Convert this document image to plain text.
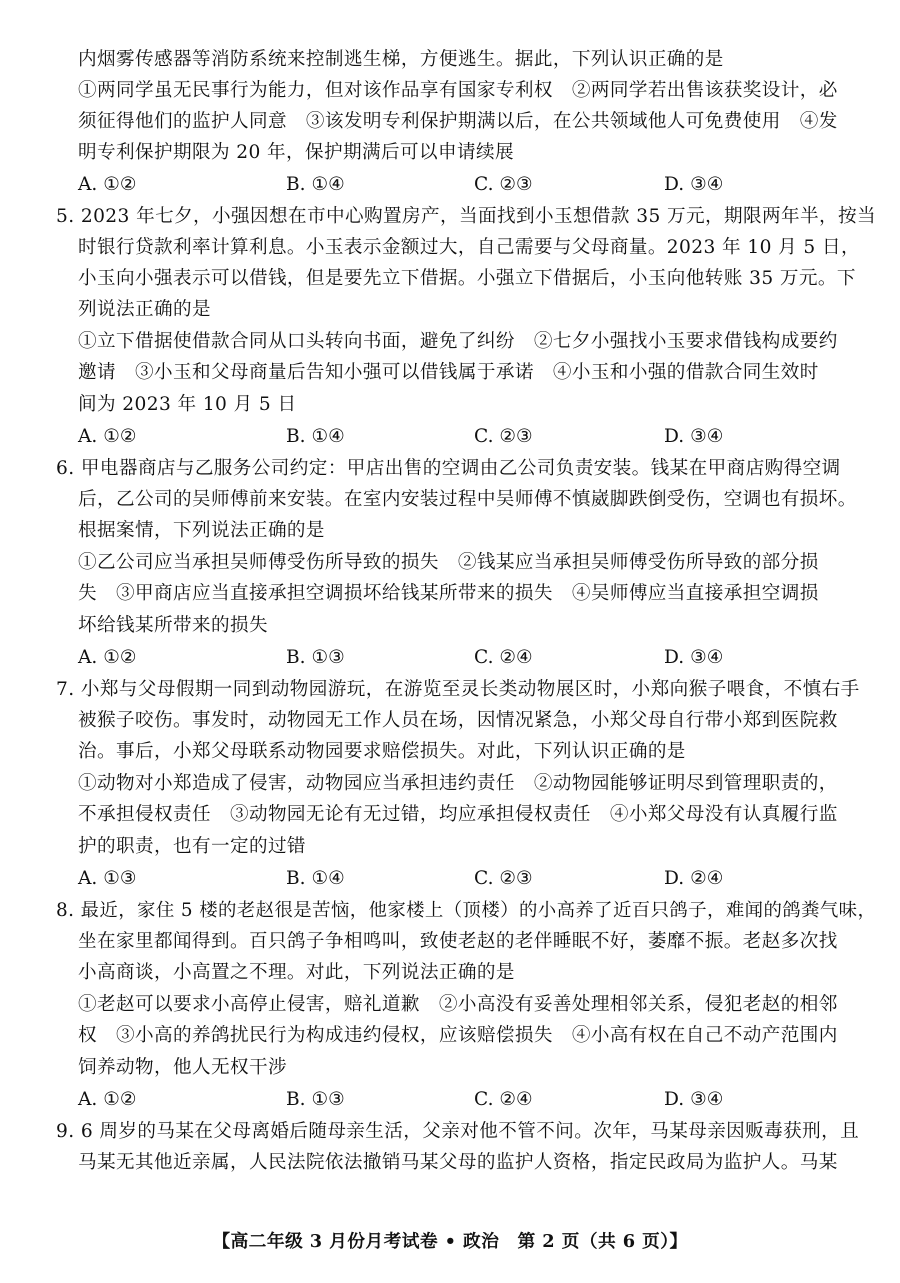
内烟雾传感器等消防系统来控制逃生梯，方便逃生。据此，下列认识正确的是
①两同学虽无民事行为能力，但对该作品享有国家专利权　②两同学若出售该获奖设计，必
须征得他们的监护人同意　③该发明专利保护期满以后，在公共领域他人可免费使用　④发
明专利保护期限为 20 年，保护期满后可以申请续展
A. ①②	B. ①④	C. ②③	D. ③④
5. 2023 年七夕，小强因想在市中心购置房产，当面找到小玉想借款 35 万元，期限两年半，按当
时银行贷款利率计算利息。小玉表示金额过大，自己需要与父母商量。2023 年 10 月 5 日，
小玉向小强表示可以借钱，但是要先立下借据。小强立下借据后，小玉向他转账 35 万元。下
列说法正确的是
①立下借据使借款合同从口头转向书面，避免了纠纷　②七夕小强找小玉要求借钱构成要约
邀请　③小玉和父母商量后告知小强可以借钱属于承诺　④小玉和小强的借款合同生效时
间为 2023 年 10 月 5 日
A. ①②	B. ①④	C. ②③	D. ③④
6. 甲电器商店与乙服务公司约定：甲店出售的空调由乙公司负责安装。钱某在甲商店购得空调
后，乙公司的吴师傅前来安装。在室内安装过程中吴师傅不慎崴脚跌倒受伤，空调也有损坏。
根据案情，下列说法正确的是
①乙公司应当承担吴师傅受伤所导致的损失　②钱某应当承担吴师傅受伤所导致的部分损
失　③甲商店应当直接承担空调损坏给钱某所带来的损失　④吴师傅应当直接承担空调损
坏给钱某所带来的损失
A. ①②	B. ①③	C. ②④	D. ③④
7. 小郑与父母假期一同到动物园游玩，在游览至灵长类动物展区时，小郑向猴子喂食，不慎右手
被猴子咬伤。事发时，动物园无工作人员在场，因情况紧急，小郑父母自行带小郑到医院救
治。事后，小郑父母联系动物园要求赔偿损失。对此，下列认识正确的是
①动物对小郑造成了侵害，动物园应当承担违约责任　②动物园能够证明尽到管理职责的，
不承担侵权责任　③动物园无论有无过错，均应承担侵权责任　④小郑父母没有认真履行监
护的职责，也有一定的过错
A. ①③	B. ①④	C. ②③	D. ②④
8. 最近，家住 5 楼的老赵很是苦恼，他家楼上（顶楼）的小高养了近百只鸽子，难闻的鸽粪气味，
坐在家里都闻得到。百只鸽子争相鸣叫，致使老赵的老伴睡眠不好，萎靡不振。老赵多次找
小高商谈，小高置之不理。对此，下列说法正确的是
①老赵可以要求小高停止侵害，赔礼道歉　②小高没有妥善处理相邻关系，侵犯老赵的相邻
权　③小高的养鸽扰民行为构成违约侵权，应该赔偿损失　④小高有权在自己不动产范围内
饲养动物，他人无权干涉
A. ①②	B. ①③	C. ②④	D. ③④
9. 6 周岁的马某在父母离婚后随母亲生活，父亲对他不管不问。次年，马某母亲因贩毒获刑，且
马某无其他近亲属，人民法院依法撤销马某父母的监护人资格，指定民政局为监护人。马某
【高二年级 3 月份月考试卷 • 政治　第 2 页（共 6 页）】
